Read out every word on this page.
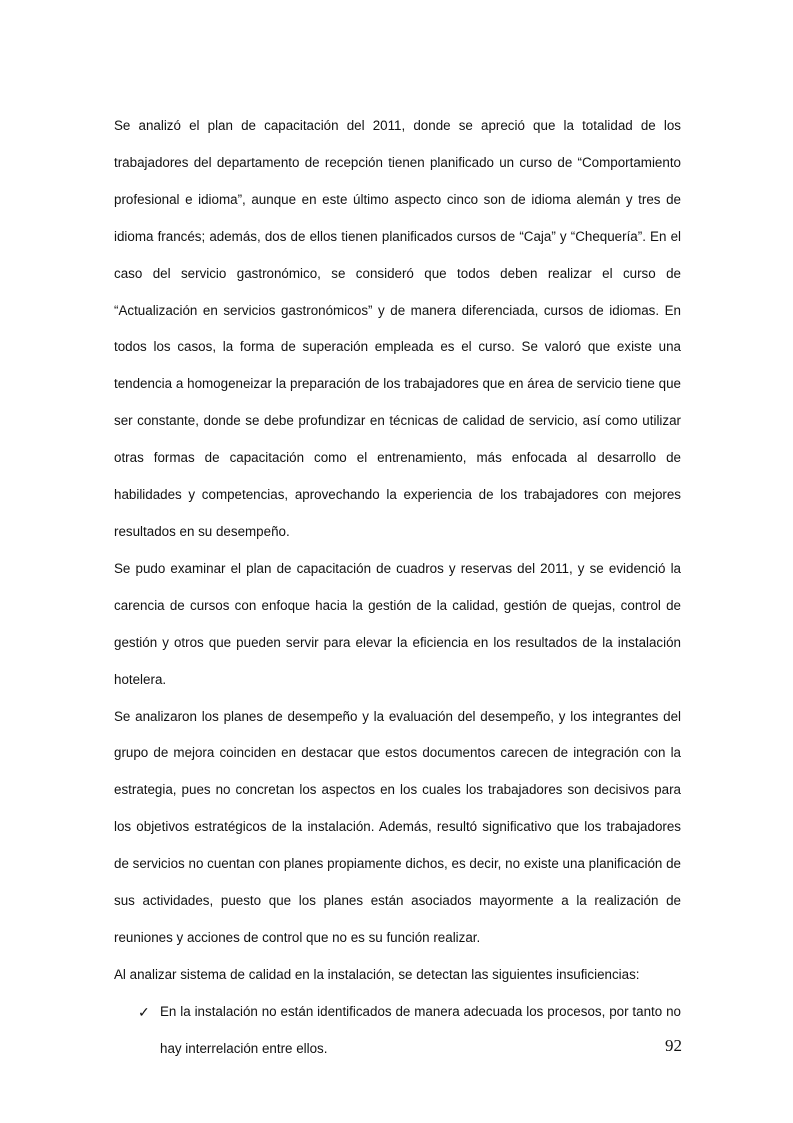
Se analizó el plan de capacitación del 2011, donde se apreció que la totalidad de los trabajadores del departamento de recepción tienen planificado un curso de “Comportamiento profesional e idioma”, aunque en este último aspecto cinco son de idioma alemán y tres de idioma francés; además, dos de ellos tienen planificados cursos de “Caja” y “Chequería”. En el caso del servicio gastronómico, se consideró que todos deben realizar el curso de “Actualización en servicios gastronómicos” y de manera diferenciada, cursos de idiomas. En todos los casos, la forma de superación empleada es el curso. Se valoró que existe una tendencia a homogeneizar la preparación de los trabajadores que en área de servicio tiene que ser constante, donde se debe profundizar en técnicas de calidad de servicio, así como utilizar otras formas de capacitación como el entrenamiento, más enfocada al desarrollo de habilidades y competencias, aprovechando la experiencia de los trabajadores con mejores resultados en su desempeño.

Se pudo examinar el plan de capacitación de cuadros y reservas del 2011, y se evidenció la carencia de cursos con enfoque hacia la gestión de la calidad, gestión de quejas, control de gestión y otros que pueden servir para elevar la eficiencia en los resultados de la instalación hotelera.

Se analizaron los planes de desempeño y la evaluación del desempeño, y los integrantes del grupo de mejora coinciden en destacar que estos documentos carecen de integración con la estrategia, pues no concretan los aspectos en los cuales los trabajadores son decisivos para los objetivos estratégicos de la instalación. Además, resultó significativo que los trabajadores de servicios no cuentan con planes propiamente dichos, es decir, no existe una planificación de sus actividades, puesto que los planes están asociados mayormente a la realización de reuniones y acciones de control que no es su función realizar.

Al analizar sistema de calidad en la instalación, se detectan las siguientes insuficiencias:

✓ En la instalación no están identificados de manera adecuada los procesos, por tanto no hay interrelación entre ellos.	92
